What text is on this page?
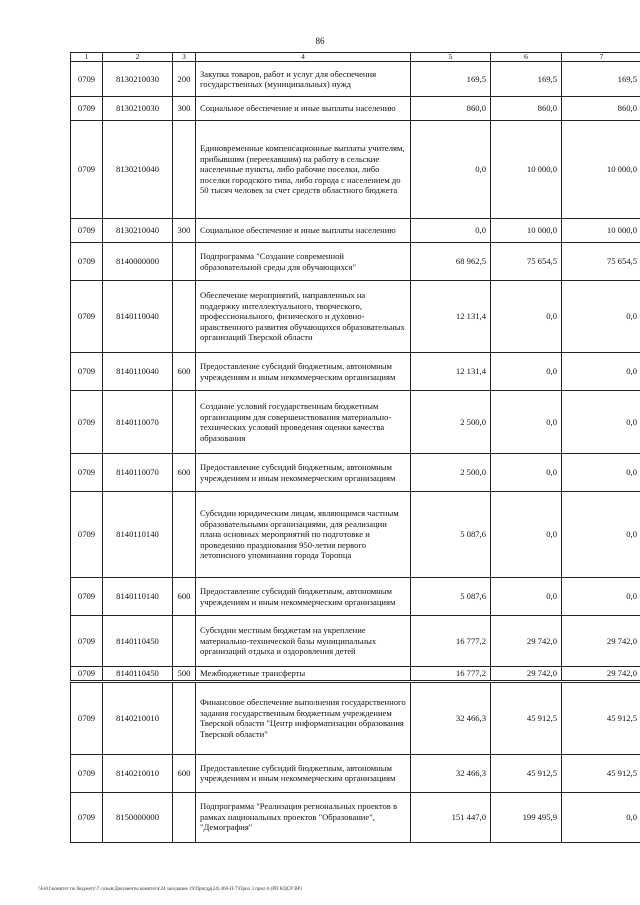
86
1	2	3	4	5	6	7
0709	8130210030	200	Закупка товаров, работ и услуг для обеспечения государственных (муниципальных) нужд	169,5	169,5	169,5
0709	8130210030	300	Социальное обеспечение и иные выплаты населению	860,0	860,0	860,0
0709	8130210040		Единовременные компенсационные выплаты учителям, прибывшим (переехавшим) на работу в сельские населенные пункты, либо рабочие поселки, либо поселки городского типа, либо города с населением до 50 тысяч человек за счет средств областного бюджета	0,0	10 000,0	10 000,0
0709	8130210040	300	Социальное обеспечение и иные выплаты населению	0,0	10 000,0	10 000,0
0709	8140000000		Подпрограмма "Создание современной образовательной среды для обучающихся"	68 962,5	75 654,5	75 654,5
0709	8140110040		Обеспечение мероприятий, направленных на поддержку интеллектуального, творческого, профессионального, физического и духовно-нравственного развития обучающихся образовательных организаций Тверской области	12 131,4	0,0	0,0
0709	8140110040	600	Предоставление субсидий бюджетным, автономным учреждениям и иным некоммерческим организациям	12 131,4	0,0	0,0
0709	8140110070		Создание условий государственным бюджетным организациям для совершенствования материально-технических условий проведения оценки качества образования	2 500,0	0,0	0,0
0709	8140110070	600	Предоставление субсидий бюджетным, автономным учреждениям и иным некоммерческим организациям	2 500,0	0,0	0,0
0709	8140110140		Субсидии юридическим лицам, являющимся частным образовательными организациями, для реализации плана основных мероприятий по подготовке и проведению празднования 950-летия первого летописного упоминания города Торопца	5 087,6	0,0	0,0
0709	8140110140	600	Предоставление субсидий бюджетным, автономным учреждениям и иным некоммерческим организациям	5 087,6	0,0	0,0
0709	8140110450		Субсидии местным бюджетам на укрепление материально-технической базы муниципальных организаций отдыха и оздоровления детей	16 777,2	29 742,0	29 742,0
0709	8140110450	500	Межбюджетные трансферты	16 777,2	29 742,0	29 742,0
0709	8140210010		Финансовое обеспечение выполнения государственного задания государственным бюджетным учреждением Тверской области "Центр информатизации образования Тверской области"	32 466,3	45 912,5	45 912,5
0709	8140210010	600	Предоставление субсидий бюджетным, автономным учреждениям и иным некоммерческим организациям	32 466,3	45 912,5	45 912,5
0709	8150000000		Подпрограмма "Реализация региональных проектов в рамках национальных проектов "Образование", "Демография"	151 447,0	199 495,9	0,0
\\Fs01\комитет по бюджету\7 созыв\Документы комитета\24 заседание 19\Пригдр(24) 460-П-7\Прил 3 прил 6 (РП КЦСР ВР)
